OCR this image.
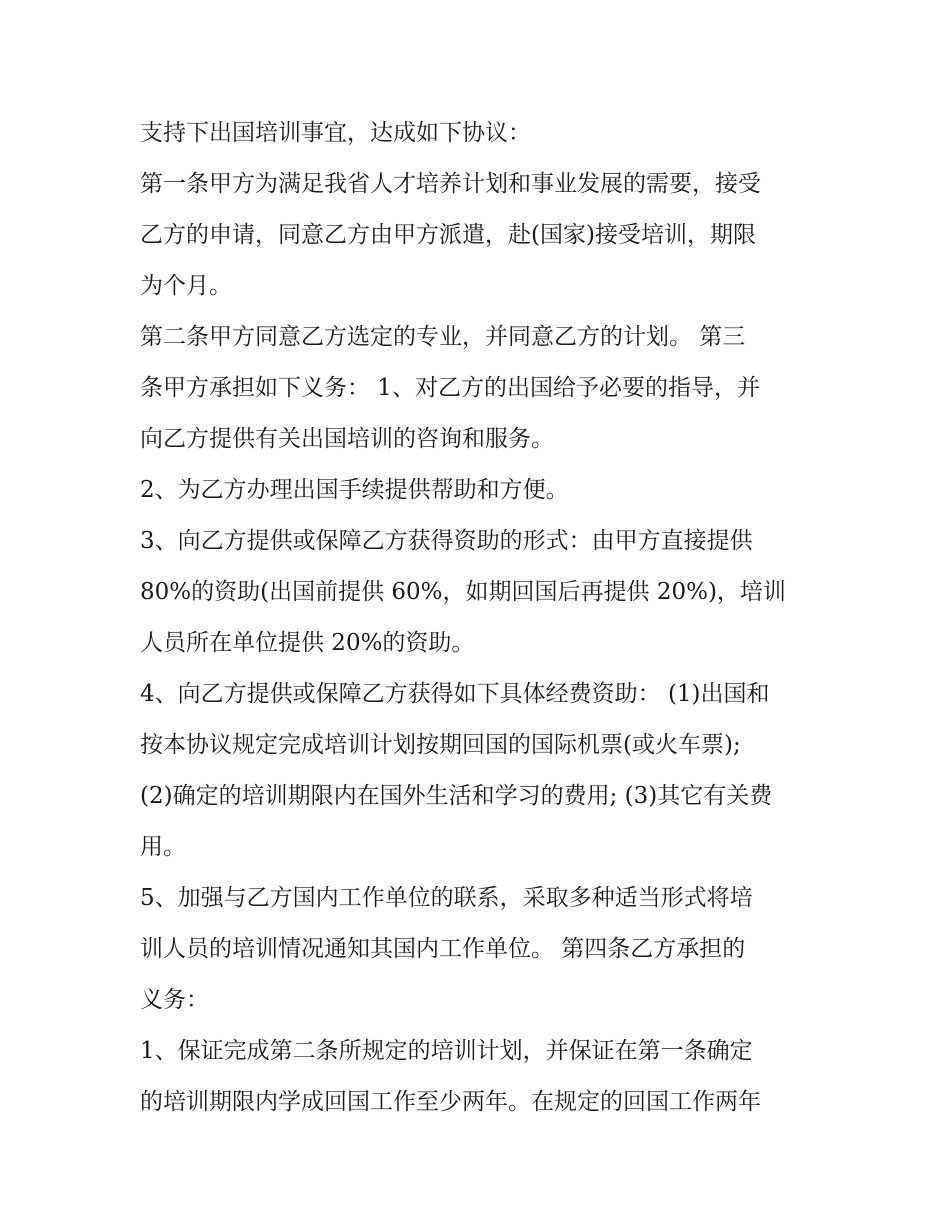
支持下出国培训事宜，达成如下协议：
第一条甲方为满足我省人才培养计划和事业发展的需要，接受
乙方的申请，同意乙方由甲方派遣，赴(国家)接受培训，期限
为个月。
第二条甲方同意乙方选定的专业，并同意乙方的计划。 第三
条甲方承担如下义务： 1、对乙方的出国给予必要的指导，并
向乙方提供有关出国培训的咨询和服务。
2、为乙方办理出国手续提供帮助和方便。
3、向乙方提供或保障乙方获得资助的形式：由甲方直接提供
80%的资助(出国前提供 60%，如期回国后再提供 20%)，培训
人员所在单位提供 20%的资助。
4、向乙方提供或保障乙方获得如下具体经费资助： (1)出国和
按本协议规定完成培训计划按期回国的国际机票(或火车票);
(2)确定的培训期限内在国外生活和学习的费用; (3)其它有关费
用。
5、加强与乙方国内工作单位的联系，采取多种适当形式将培
训人员的培训情况通知其国内工作单位。 第四条乙方承担的
义务：
1、保证完成第二条所规定的培训计划，并保证在第一条确定
的培训期限内学成回国工作至少两年。在规定的回国工作两年
